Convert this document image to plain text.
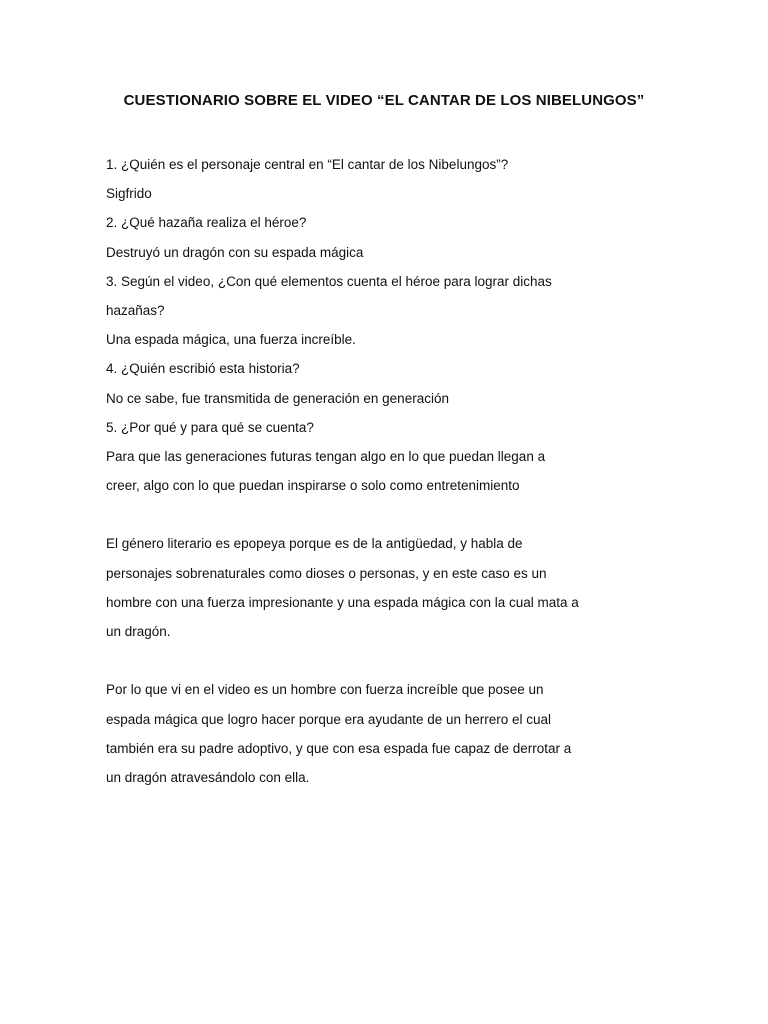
CUESTIONARIO SOBRE EL VIDEO “EL CANTAR DE LOS NIBELUNGOS”
1. ¿Quién es el personaje central en “El cantar de los Nibelungos”?
Sigfrido
2. ¿Qué hazaña realiza el héroe?
Destruyó un dragón con su espada mágica
3. Según el video, ¿Con qué elementos cuenta el héroe para lograr dichas
hazañas?
Una espada mágica, una fuerza increíble.
4. ¿Quién escribió esta historia?
No ce sabe, fue transmitida de generación en generación
5. ¿Por qué y para qué se cuenta?
Para que las generaciones futuras tengan algo en lo que puedan llegan a
creer, algo con lo que puedan inspirarse o solo como entretenimiento
El género literario es epopeya porque es de la antigüedad, y habla de
personajes sobrenaturales como dioses o personas, y en este caso es un
hombre con una fuerza impresionante y una espada mágica con la cual mata a
un dragón.
Por lo que vi en el video es un hombre con fuerza increíble que posee un
espada mágica que logro hacer porque era ayudante de un herrero el cual
también era su padre adoptivo, y que con esa espada fue capaz de derrotar a
un dragón atravesándolo con ella.
